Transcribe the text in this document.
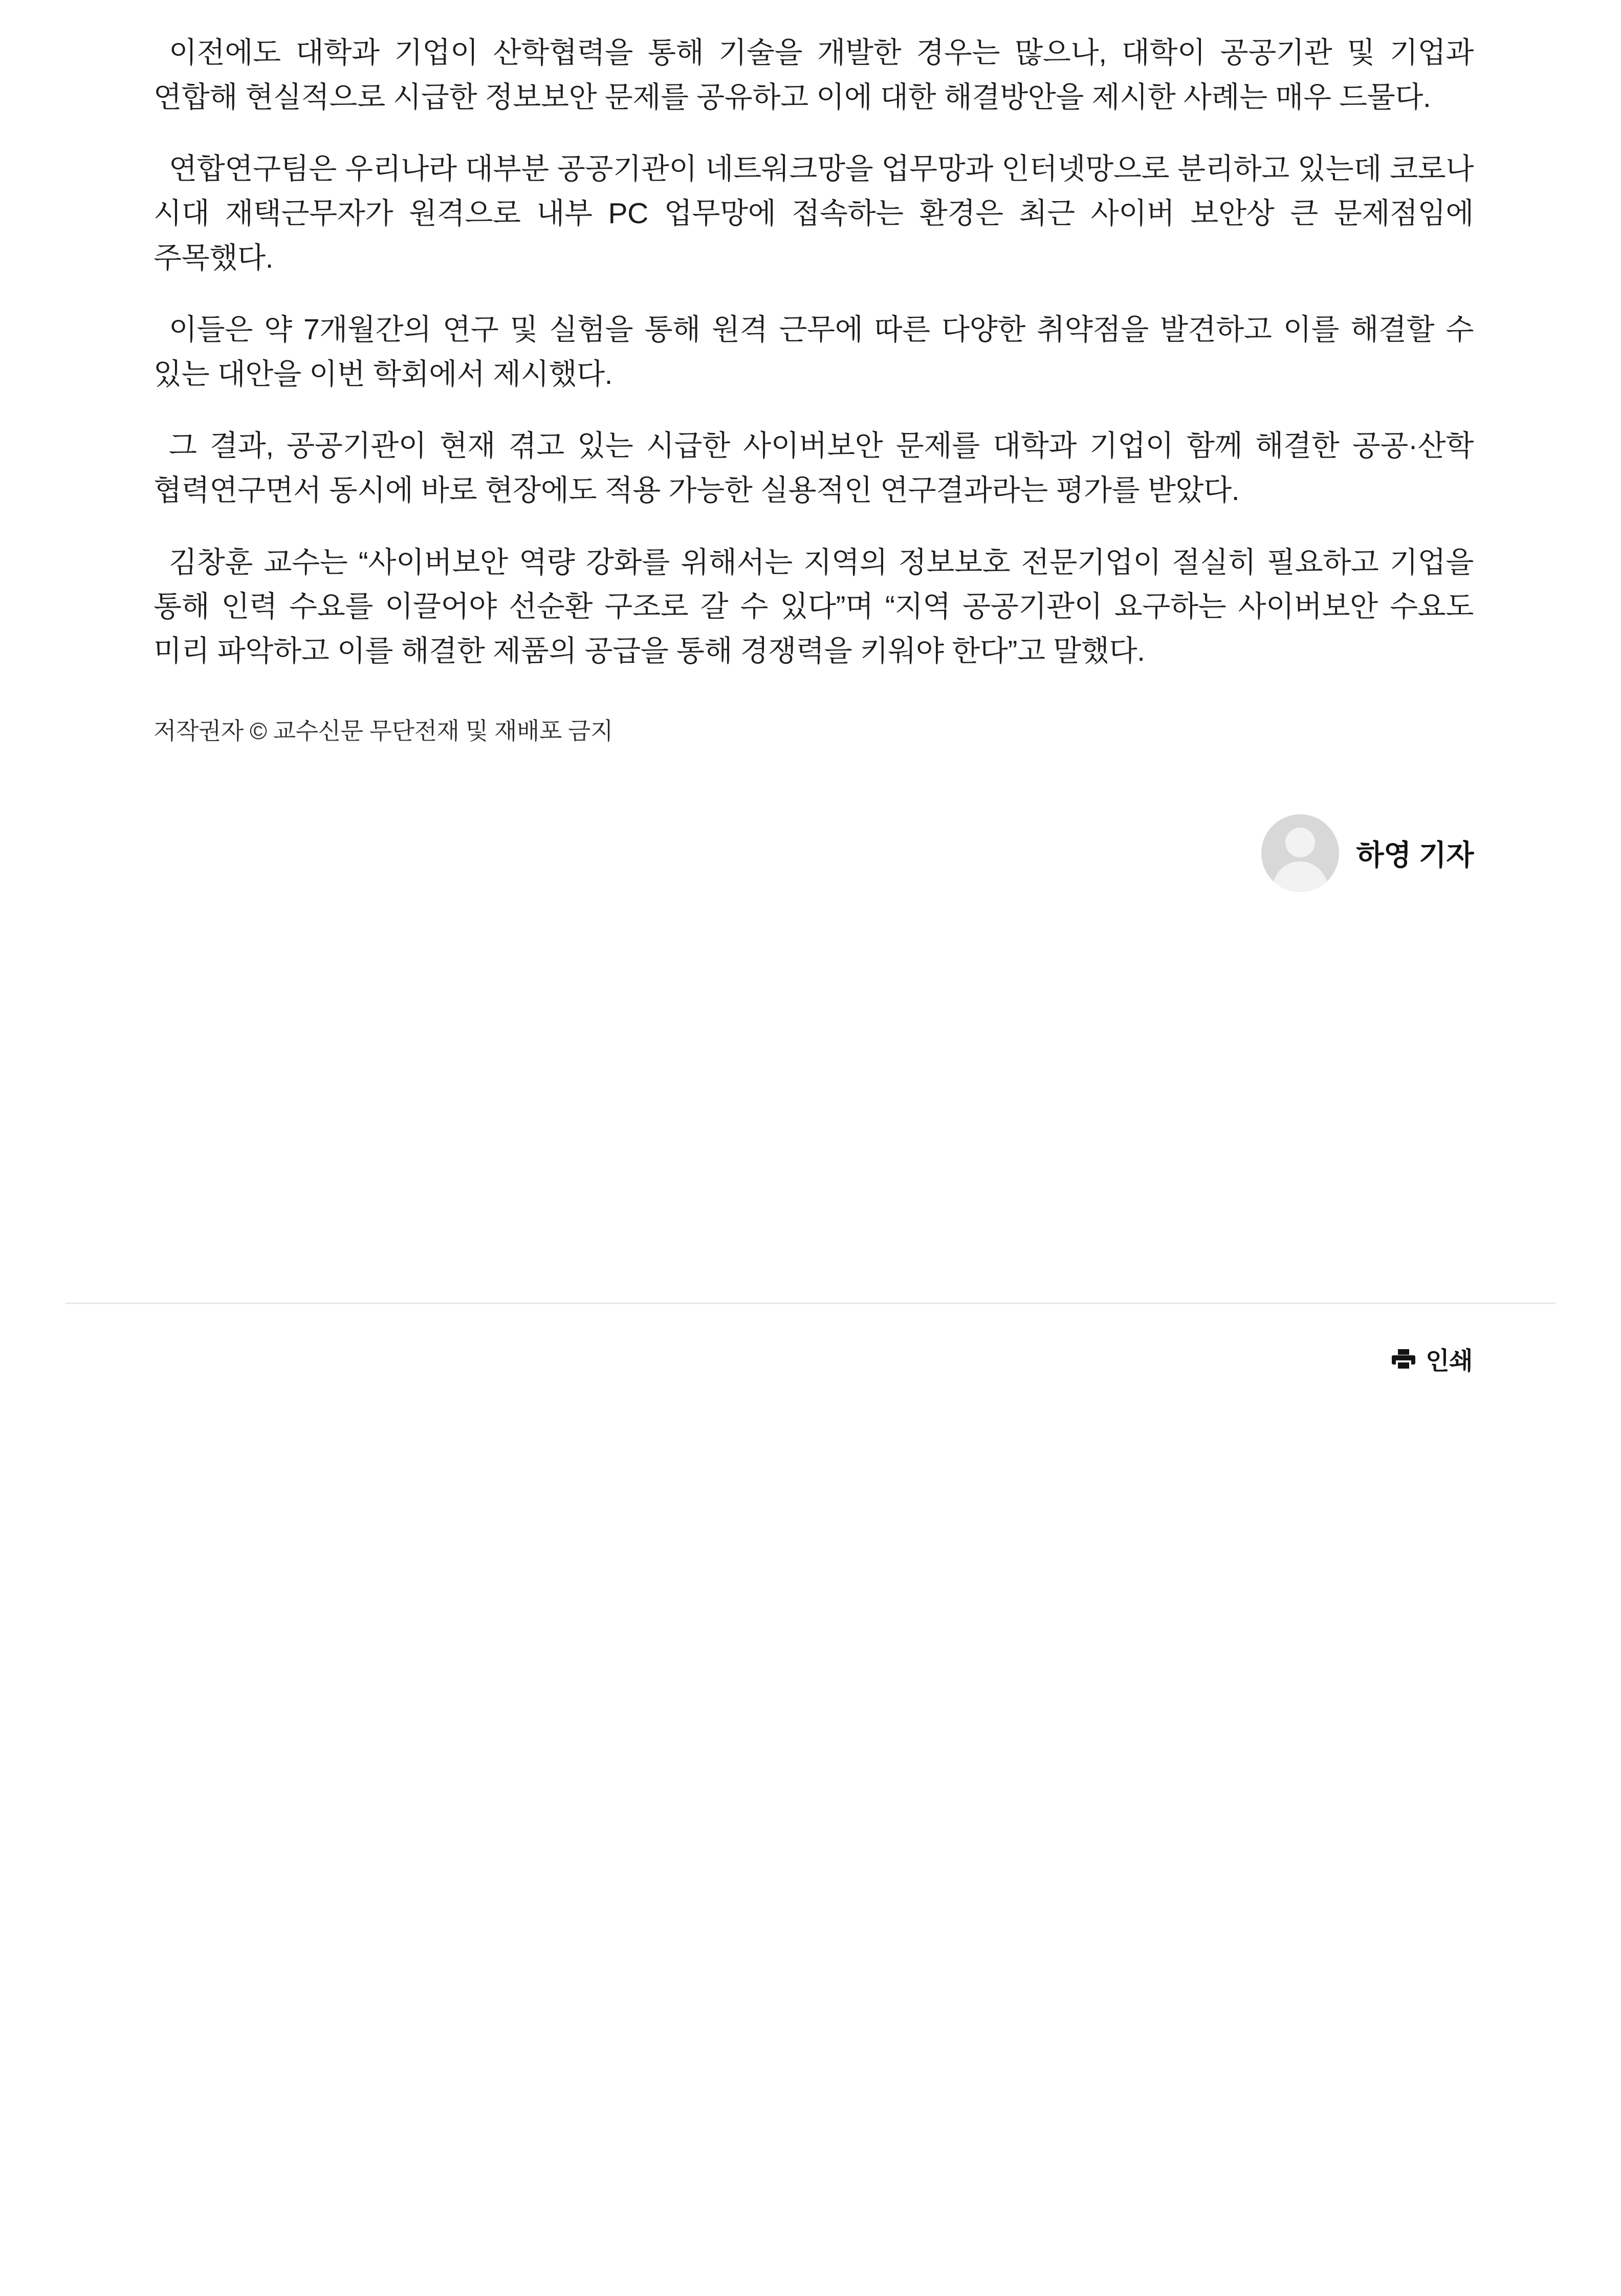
이전에도 대학과 기업이 산학협력을 통해 기술을 개발한 경우는 많으나, 대학이 공공기관 및 기업과 연합해 현실적으로 시급한 정보보안 문제를 공유하고 이에 대한 해결방안을 제시한 사례는 매우 드물다.

연합연구팀은 우리나라 대부분 공공기관이 네트워크망을 업무망과 인터넷망으로 분리하고 있는데 코로나 시대 재택근무자가 원격으로 내부 PC 업무망에 접속하는 환경은 최근 사이버 보안상 큰 문제점임에 주목했다.

이들은 약 7개월간의 연구 및 실험을 통해 원격 근무에 따른 다양한 취약점을 발견하고 이를 해결할 수 있는 대안을 이번 학회에서 제시했다.

그 결과, 공공기관이 현재 겪고 있는 시급한 사이버보안 문제를 대학과 기업이 함께 해결한 공공·산학 협력연구면서 동시에 바로 현장에도 적용 가능한 실용적인 연구결과라는 평가를 받았다.

김창훈 교수는 “사이버보안 역량 강화를 위해서는 지역의 정보보호 전문기업이 절실히 필요하고 기업을 통해 인력 수요를 이끌어야 선순환 구조로 갈 수 있다”며 “지역 공공기관이 요구하는 사이버보안 수요도 미리 파악하고 이를 해결한 제품의 공급을 통해 경쟁력을 키워야 한다”고 말했다.

저작권자 © 교수신문 무단전재 및 재배포 금지

하영 기자
인쇄
